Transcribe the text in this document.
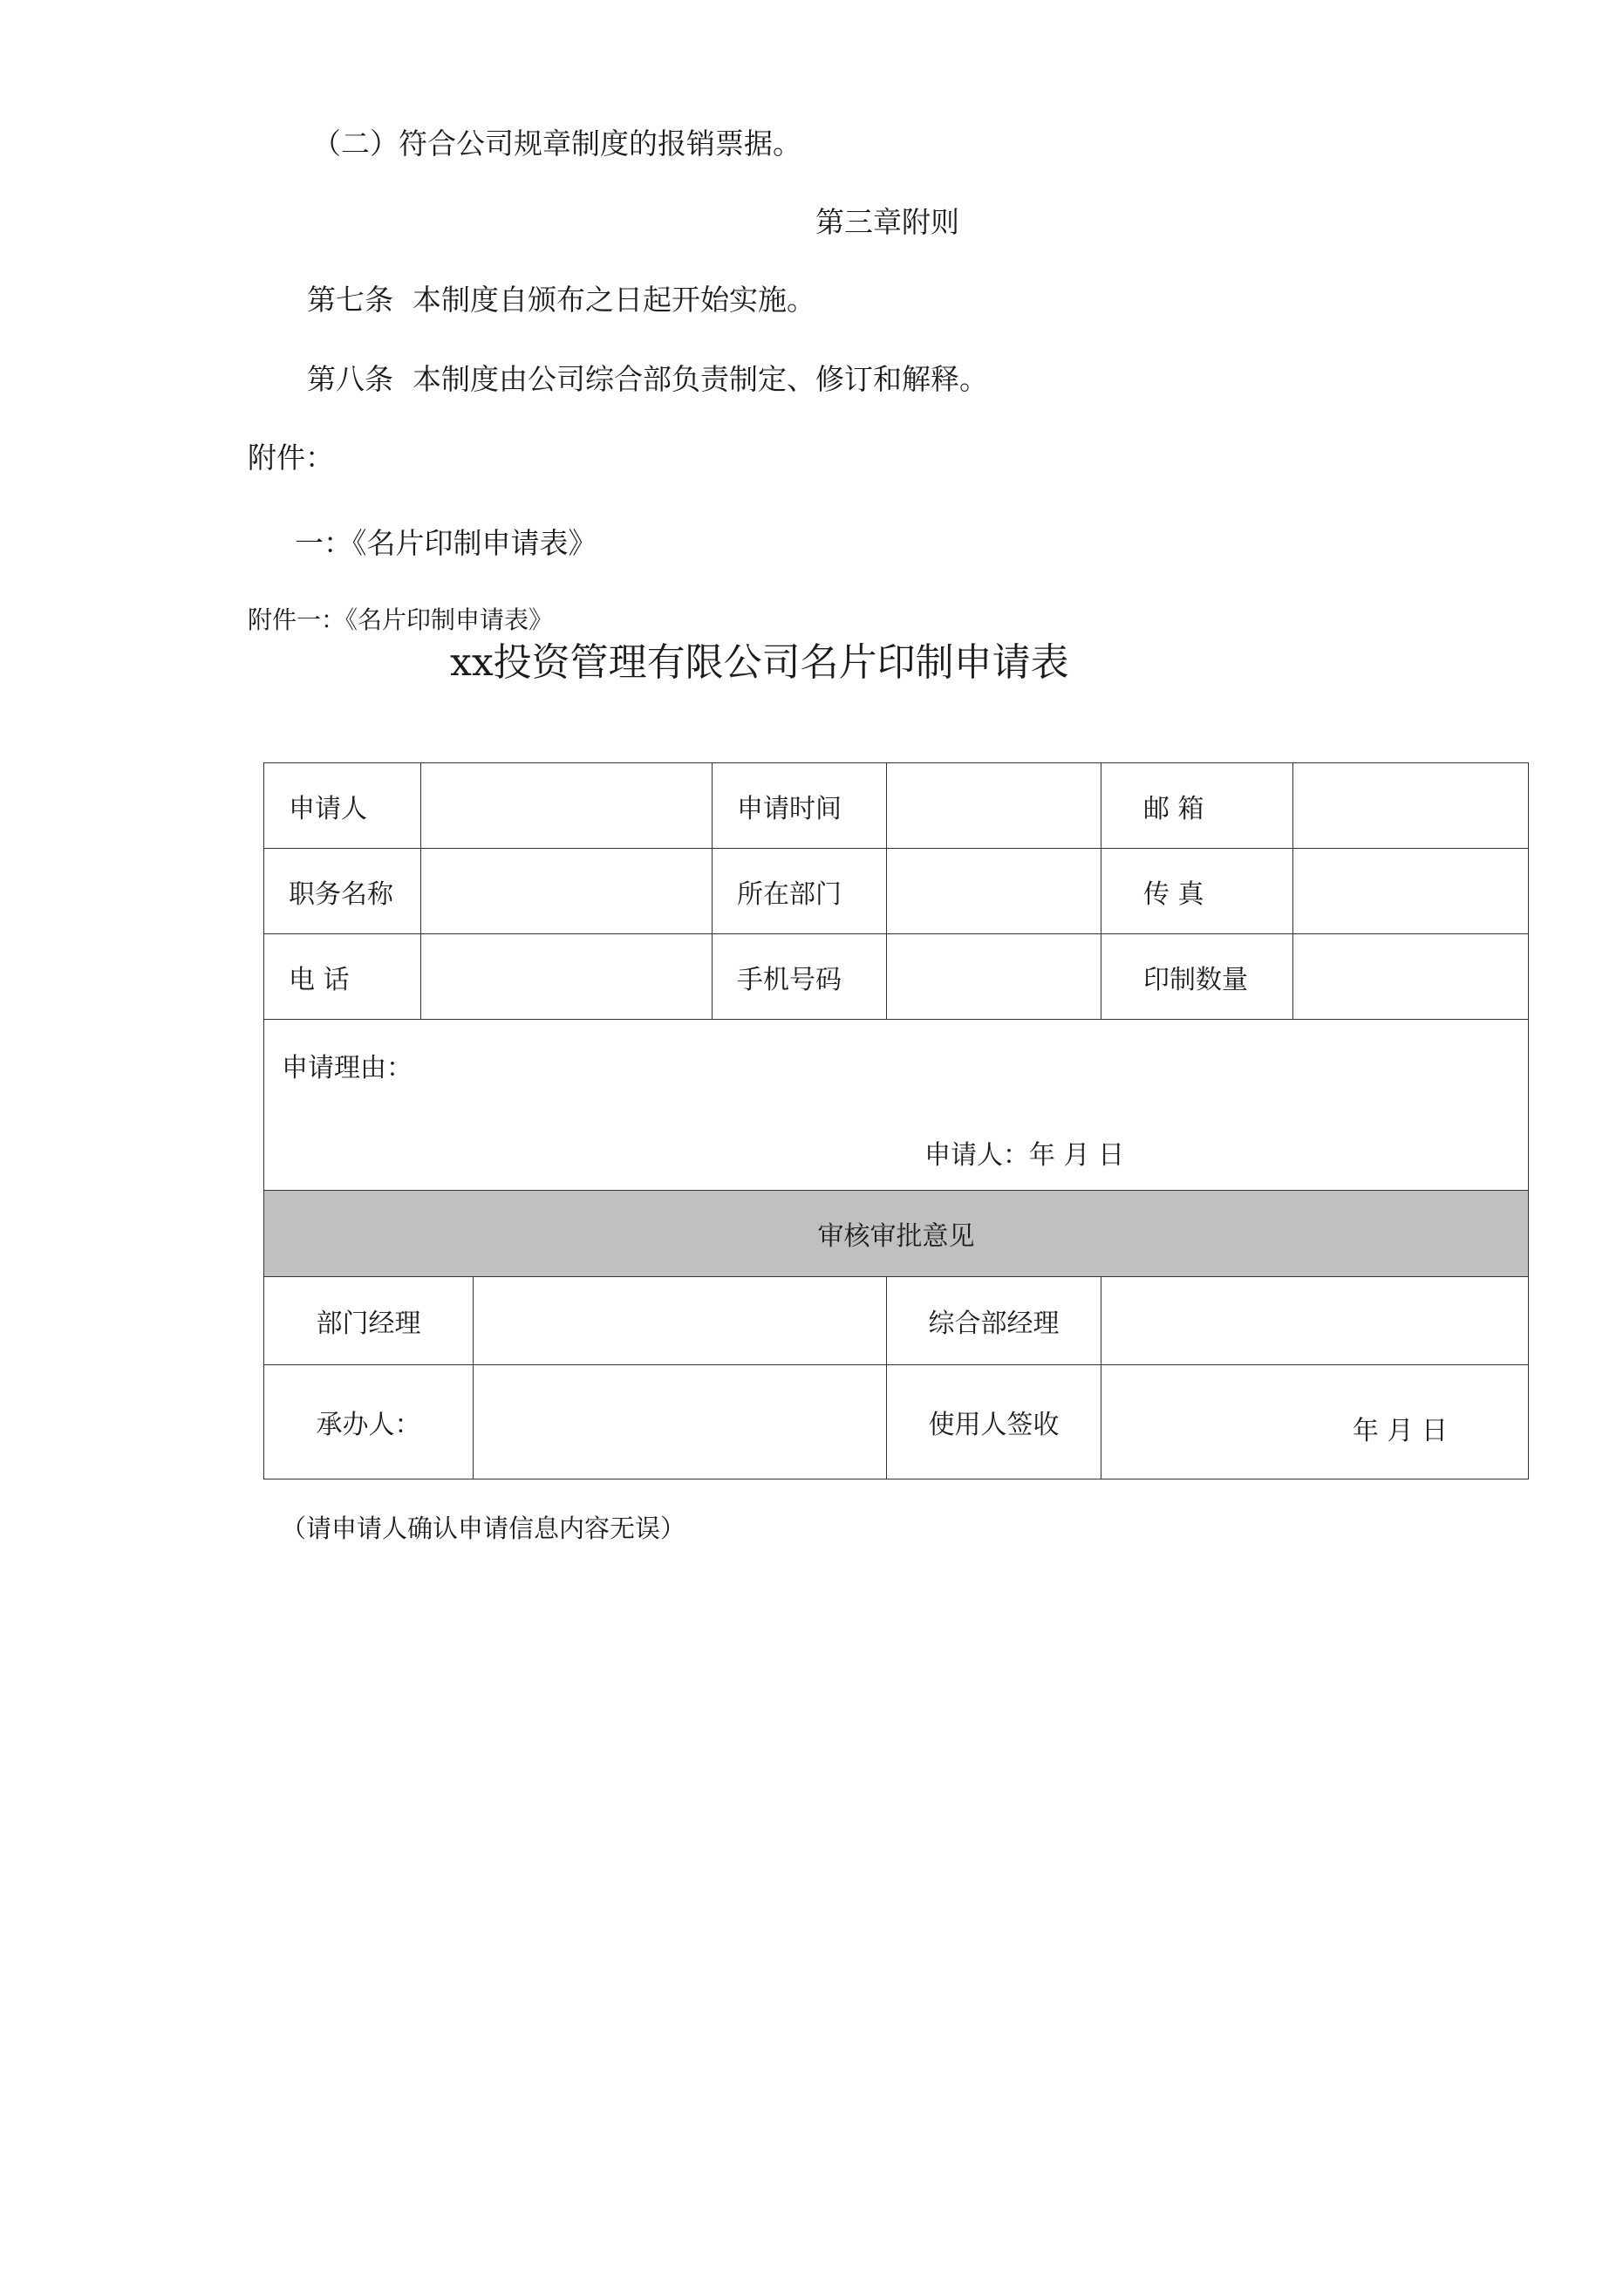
（二）符合公司规章制度的报销票据。
第三章附则
第七条 本制度自颁布之日起开始实施。
第八条 本制度由公司综合部负责制定、修订和解释。
附件：
一：《名片印制申请表》
附件一：《名片印制申请表》
xx投资管理有限公司名片印制申请表
申请人			申请时间		邮 箱	
职务名称			所在部门		传 真	
电 话			手机号码		印制数量	

申请理由：
申请人：年 月 日						

审核审批意见						
部门经理				综合部经理		
承办人：				使用人签收	年 月 日	
（请申请人确认申请信息内容无误）
